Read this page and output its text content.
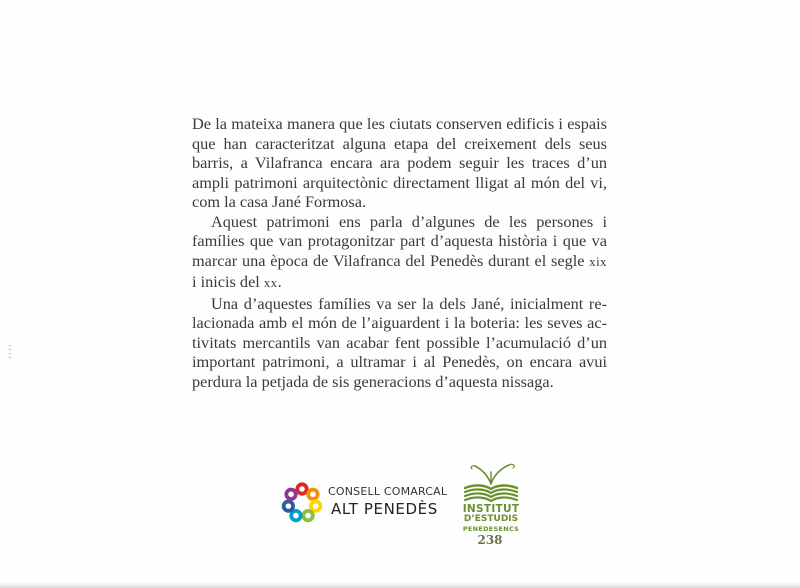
De la mateixa manera que les ciutats conserven edificis i espais que han caracteritzat alguna etapa del creixement dels seus barris, a Vilafranca encara ara podem seguir les traces d’un ampli patrimoni arquitectònic directament lligat al món del vi, com la casa Jané Formosa.

Aquest patrimoni ens parla d’algunes de les persones i famílies que van protagonitzar part d’aquesta història i que va marcar una època de Vilafranca del Penedès durant el segle xix i inicis del xx.

Una d’aquestes famílies va ser la dels Jané, inicialment relacionada amb el món de l’aiguardent i la boteria: les seves activitats mercantils van acabar fent possible l’acumulació d’un important patrimoni, a ultramar i al Penedès, on encara avui perdura la petjada de sis generacions d’aquesta nissaga.

CONSELL COMARCAL
ALT PENEDÈS	INSTITUT
D’ESTUDIS
PENEDESENCS
238
